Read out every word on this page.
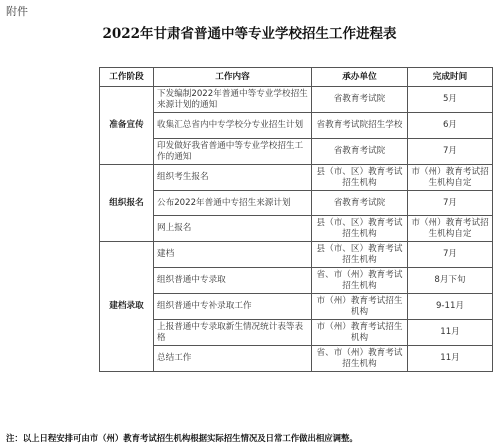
附件
2022年甘肃省普通中等专业学校招生工作进程表
工作阶段	工作内容	承办单位	完成时间
准备宣传	下发编制2022年普通中等专业学校招生来源计划的通知	省教育考试院	5月
	收集汇总省内中专学校分专业招生计划	省教育考试院招生学校	6月
	印发做好我省普通中等专业学校招生工作的通知	省教育考试院	7月
组织报名	组织考生报名	县（市、区）教育考试招生机构	市（州）教育考试招生机构自定
	公布2022年普通中专招生来源计划	省教育考试院	7月
	网上报名	县（市、区）教育考试招生机构	市（州）教育考试招生机构自定
建档录取	建档	县（市、区）教育考试招生机构	7月
	组织普通中专录取	省、市（州）教育考试招生机构	8月下旬
	组织普通中专补录取工作	市（州）教育考试招生机构	9-11月
	上报普通中专录取新生情况统计表等表格	市（州）教育考试招生机构	11月
	总结工作	省、市（州）教育考试招生机构	11月
注：以上日程安排可由市（州）教育考试招生机构根据实际招生情况及日常工作做出相应调整。
